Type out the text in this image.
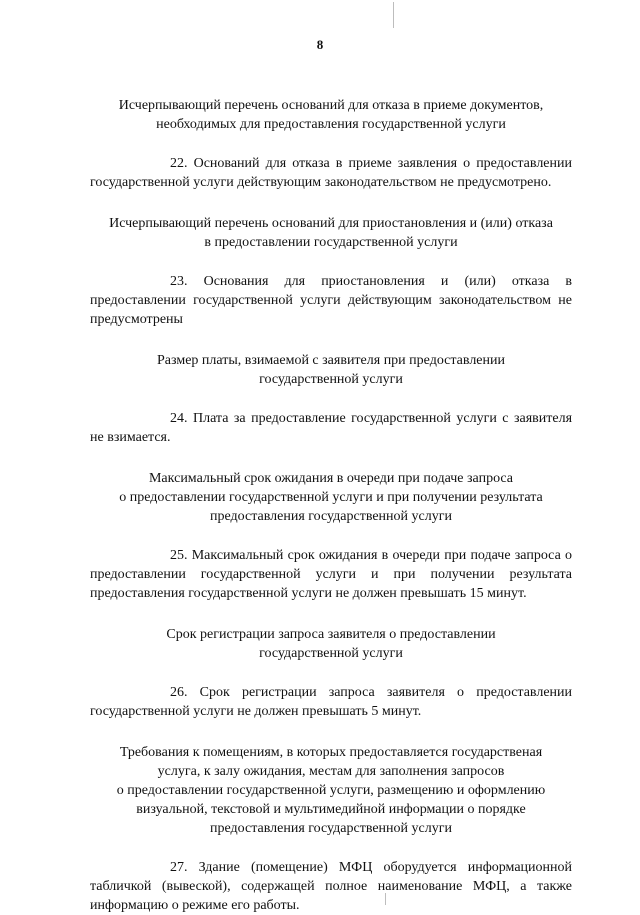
8

Исчерпывающий перечень оснований для отказа в приеме документов,
необходимых для предоставления государственной услуги

22. Оснований для отказа в приеме заявления о предоставлении государственной услуги действующим законодательством не предусмотрено.

Исчерпывающий перечень оснований для приостановления и (или) отказа
в предоставлении государственной услуги

23. Основания для приостановления и (или) отказа в предоставлении государственной услуги действующим законодательством не предусмотрены

Размер платы, взимаемой с заявителя при предоставлении
государственной услуги

24. Плата за предоставление государственной услуги с заявителя не взимается.

Максимальный срок ожидания в очереди при подаче запроса
о предоставлении государственной услуги и при получении результата
предоставления государственной услуги

25. Максимальный срок ожидания в очереди при подаче запроса о предоставлении государственной услуги и при получении результата предоставления государственной услуги не должен превышать 15 минут.

Срок регистрации запроса заявителя о предоставлении
государственной услуги

26. Срок регистрации запроса заявителя о предоставлении государственной услуги не должен превышать 5 минут.

Требования к помещениям, в которых предоставляется государственая
услуга, к залу ожидания, местам для заполнения запросов
о предоставлении государственной услуги, размещению и оформлению
визуальной, текстовой и мультимедийной информации о порядке
предоставления государственной услуги

27. Здание (помещение) МФЦ оборудуется информационной табличкой (вывеской), содержащей полное наименование МФЦ, а также информацию о режиме его работы.
